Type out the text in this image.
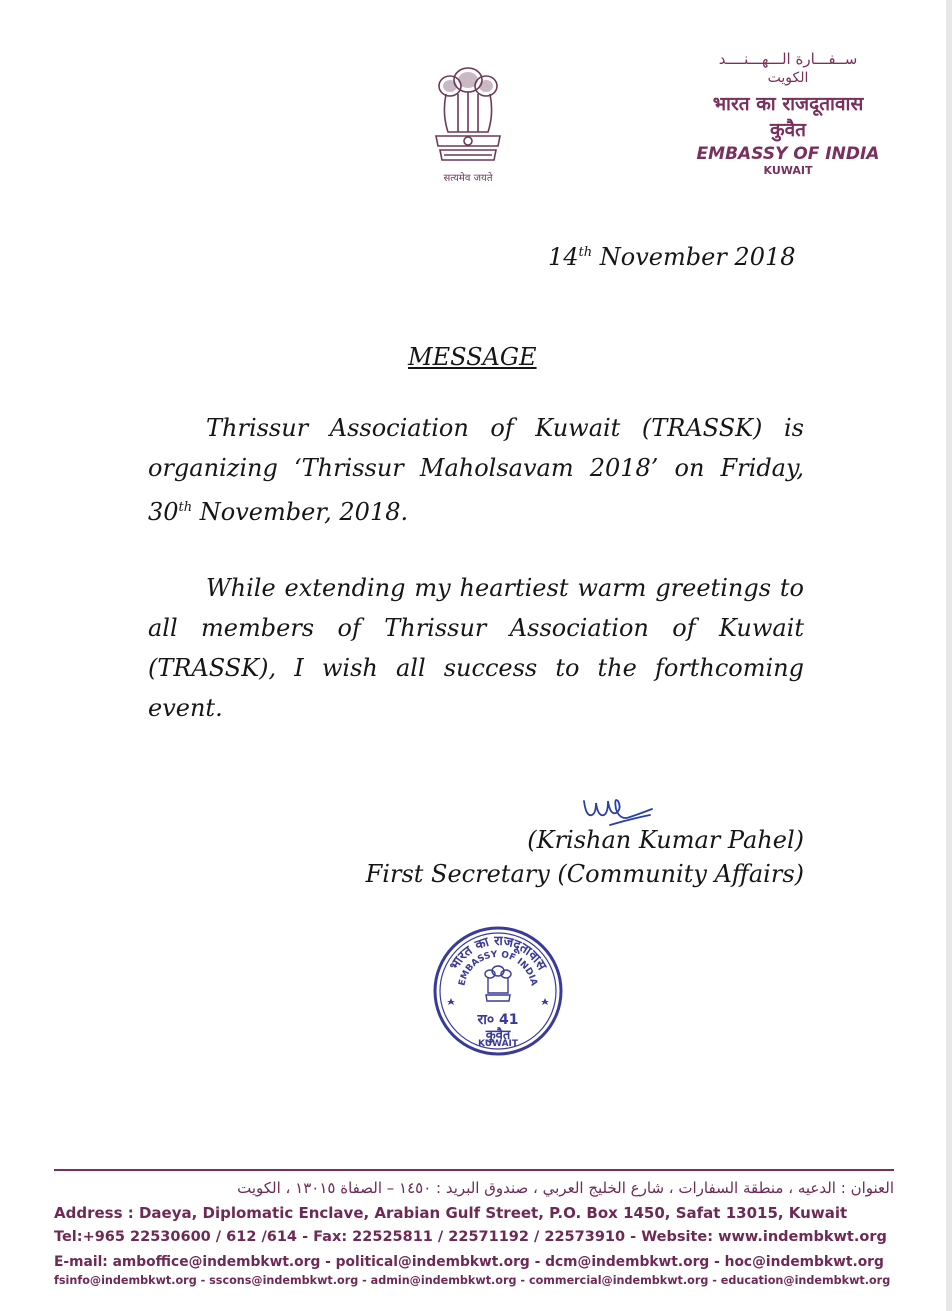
सत्यमेव जयते
ســفـــارة الـــهـــنــــد
الكويت
भारत का राजदूतावास
कुवैत
EMBASSY OF INDIA
KUWAIT
14th November 2018
MESSAGE
Thrissur Association of Kuwait (TRASSK) is organizing ‘Thrissur Maholsavam 2018’ on Friday, 30th November, 2018.
While extending my heartiest warm greetings to all members of Thrissur Association of Kuwait (TRASSK), I wish all success to the forthcoming event.
(Krishan Kumar Pahel)
First Secretary (Community Affairs)
भारत का राजदूतावास
EMBASSY OF INDIA
रा० 41
कुवैत
KUWAIT
العنوان : الدعيه ، منطقة السفارات ، شارع الخليج العربي ، صندوق البريد : ١٤٥٠ – الصفاة ١٣٠١٥ ، الكويت
Address : Daeya, Diplomatic Enclave, Arabian Gulf Street, P.O. Box 1450, Safat 13015, Kuwait
Tel:+965 22530600 / 612 /614 - Fax: 22525811 / 22571192 / 22573910 - Website: www.indembkwt.org
E-mail: amboffice@indembkwt.org - political@indembkwt.org - dcm@indembkwt.org - hoc@indembkwt.org
fsinfo@indembkwt.org - sscons@indembkwt.org - admin@indembkwt.org - commercial@indembkwt.org - education@indembkwt.org
